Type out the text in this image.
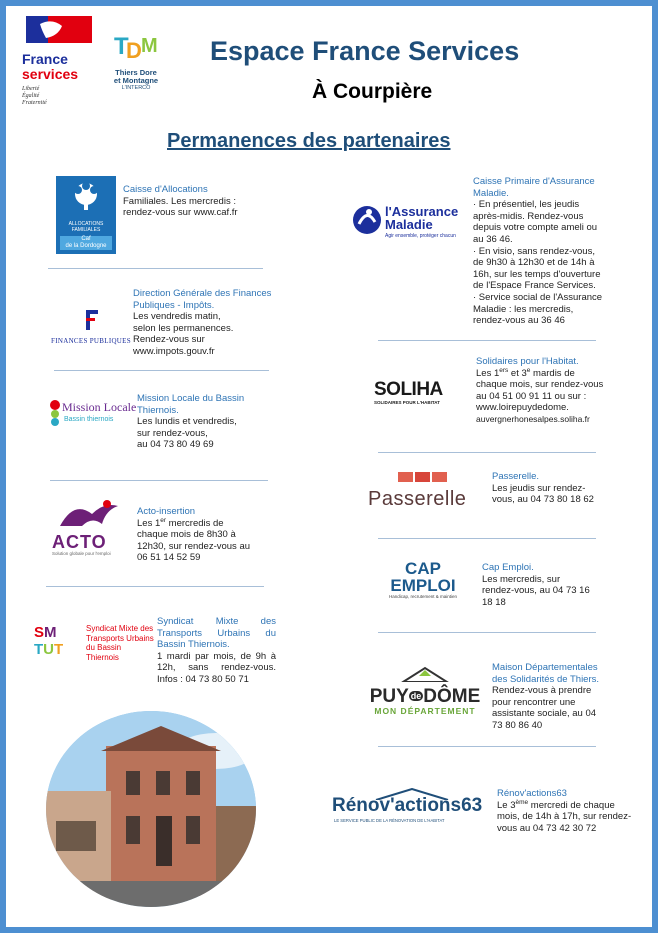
France
services
Liberté
Égalité
Fraternité
T
D M
Thiers Dore
et Montagne
L'INTERCO
Espace France Services
À Courpière
Permanences des partenaires
ALLOCATIONS FAMILIALES
Caf
de la Dordogne
Caisse d'Allocations
Familiales. Les mercredis : rendez-vous sur www.caf.fr
FINANCES PUBLIQUES
Direction Générale des Finances Publiques - Impôts.
Les vendredis matin, selon les permanences. Rendez-vous sur www.impots.gouv.fr
Mission Locale
Bassin thiernois
Mission Locale du Bassin Thiernois.
Les lundis et vendredis, sur rendez-vous,
au 04 73 80 49 69
ACTO
Solution globale pour l'emploi
Acto-insertion
Les 1er mercredis de chaque mois de 8h30 à 12h30, sur rendez-vous au 06 51 14 52 59
SM
TUT
Syndicat Mixte des Transports Urbains du Bassin Thiernois
Syndicat Mixte des Transports Urbains du Bassin Thiernois.
1 mardi par mois, de 9h à 12h, sans rendez-vous. Infos : 04 73 80 50 71
l'Assurance
Maladie
Agir ensemble, protéger chacun
Caisse Primaire d'Assurance Maladie.
· En présentiel, les jeudis après-midis. Rendez-vous depuis votre compte ameli ou au 36 46.
· En visio, sans rendez-vous, de 9h30 à 12h30 et de 14h à 16h, sur les temps d'ouverture de l'Espace France Services.
· Service social de l'Assurance Maladie : les mercredis, rendez-vous au 36 46
SOLIHA
SOLIDAIRES POUR L'HABITAT
Solidaires pour l'Habitat.
Les 1ers et 3e mardis de chaque mois, sur rendez-vous au 04 51 00 91 11 ou sur : www.loirepuydedome.
auvergnerhonesalpes.soliha.fr
Passerelle
Passerelle.
Les jeudis sur rendez-vous, au 04 73 80 18 62
CAP
EMPLOI
Handicap, recrutement & maintien
Cap Emploi.
Les mercredis, sur rendez-vous, au 04 73 16 18 18
PUY de DÔME
MON DÉPARTEMENT
Maison Départementales des Solidarités de Thiers.
Rendez-vous à prendre pour rencontrer une assistante sociale, au 04 73 80 86 40
Rénov'actions63
LE SERVICE PUBLIC DE LA RÉNOVATION DE L'HABITAT
Rénov'actions63
Le 3ème mercredi de chaque mois, de 14h à 17h, sur rendez-vous au 04 73 42 30 72
